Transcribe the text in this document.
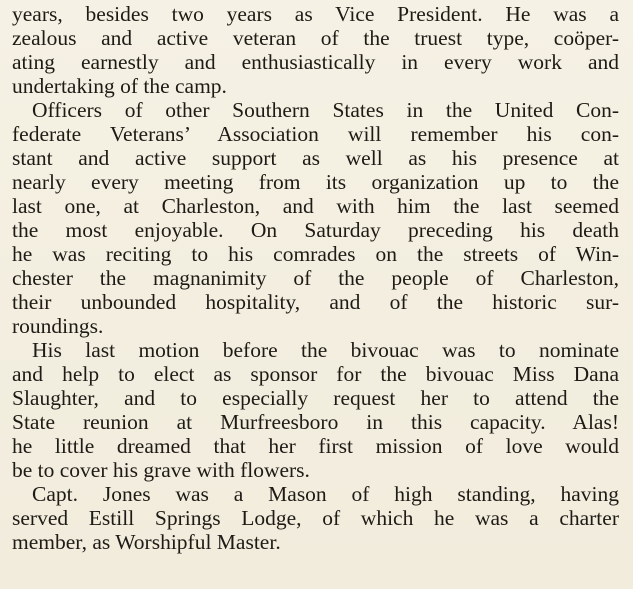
years, besides two years as Vice President. He was a
zealous and active veteran of the truest type, coöper-
ating earnestly and enthusiastically in every work and
undertaking of the camp.
Officers of other Southern States in the United Con-
federate Veterans’ Association will remember his con-
stant and active support as well as his presence at
nearly every meeting from its organization up to the
last one, at Charleston, and with him the last seemed
the most enjoyable. On Saturday preceding his death
he was reciting to his comrades on the streets of Win-
chester the magnanimity of the people of Charleston,
their unbounded hospitality, and of the historic sur-
roundings.
His last motion before the bivouac was to nominate
and help to elect as sponsor for the bivouac Miss Dana
Slaughter, and to especially request her to attend the
State reunion at Murfreesboro in this capacity. Alas!
he little dreamed that her first mission of love would
be to cover his grave with flowers.
Capt. Jones was a Mason of high standing, having
served Estill Springs Lodge, of which he was a charter
member, as Worshipful Master.
